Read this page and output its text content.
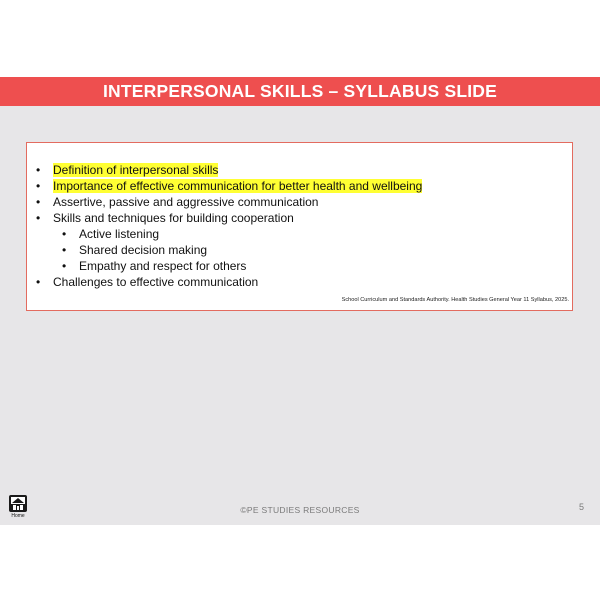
INTERPERSONAL SKILLS – SYLLABUS SLIDE
•	Definition of interpersonal skills
•	Importance of effective communication for better health and wellbeing
•	Assertive, passive and aggressive communication
•	Skills and techniques for building cooperation
•	Active listening
•	Shared decision making
•	Empathy and respect for others
•	Challenges to effective communication
School Curriculum and Standards Authority. Health Studies General Year 11 Syllabus, 2025.
Home
©PE STUDIES RESOURCES	5
